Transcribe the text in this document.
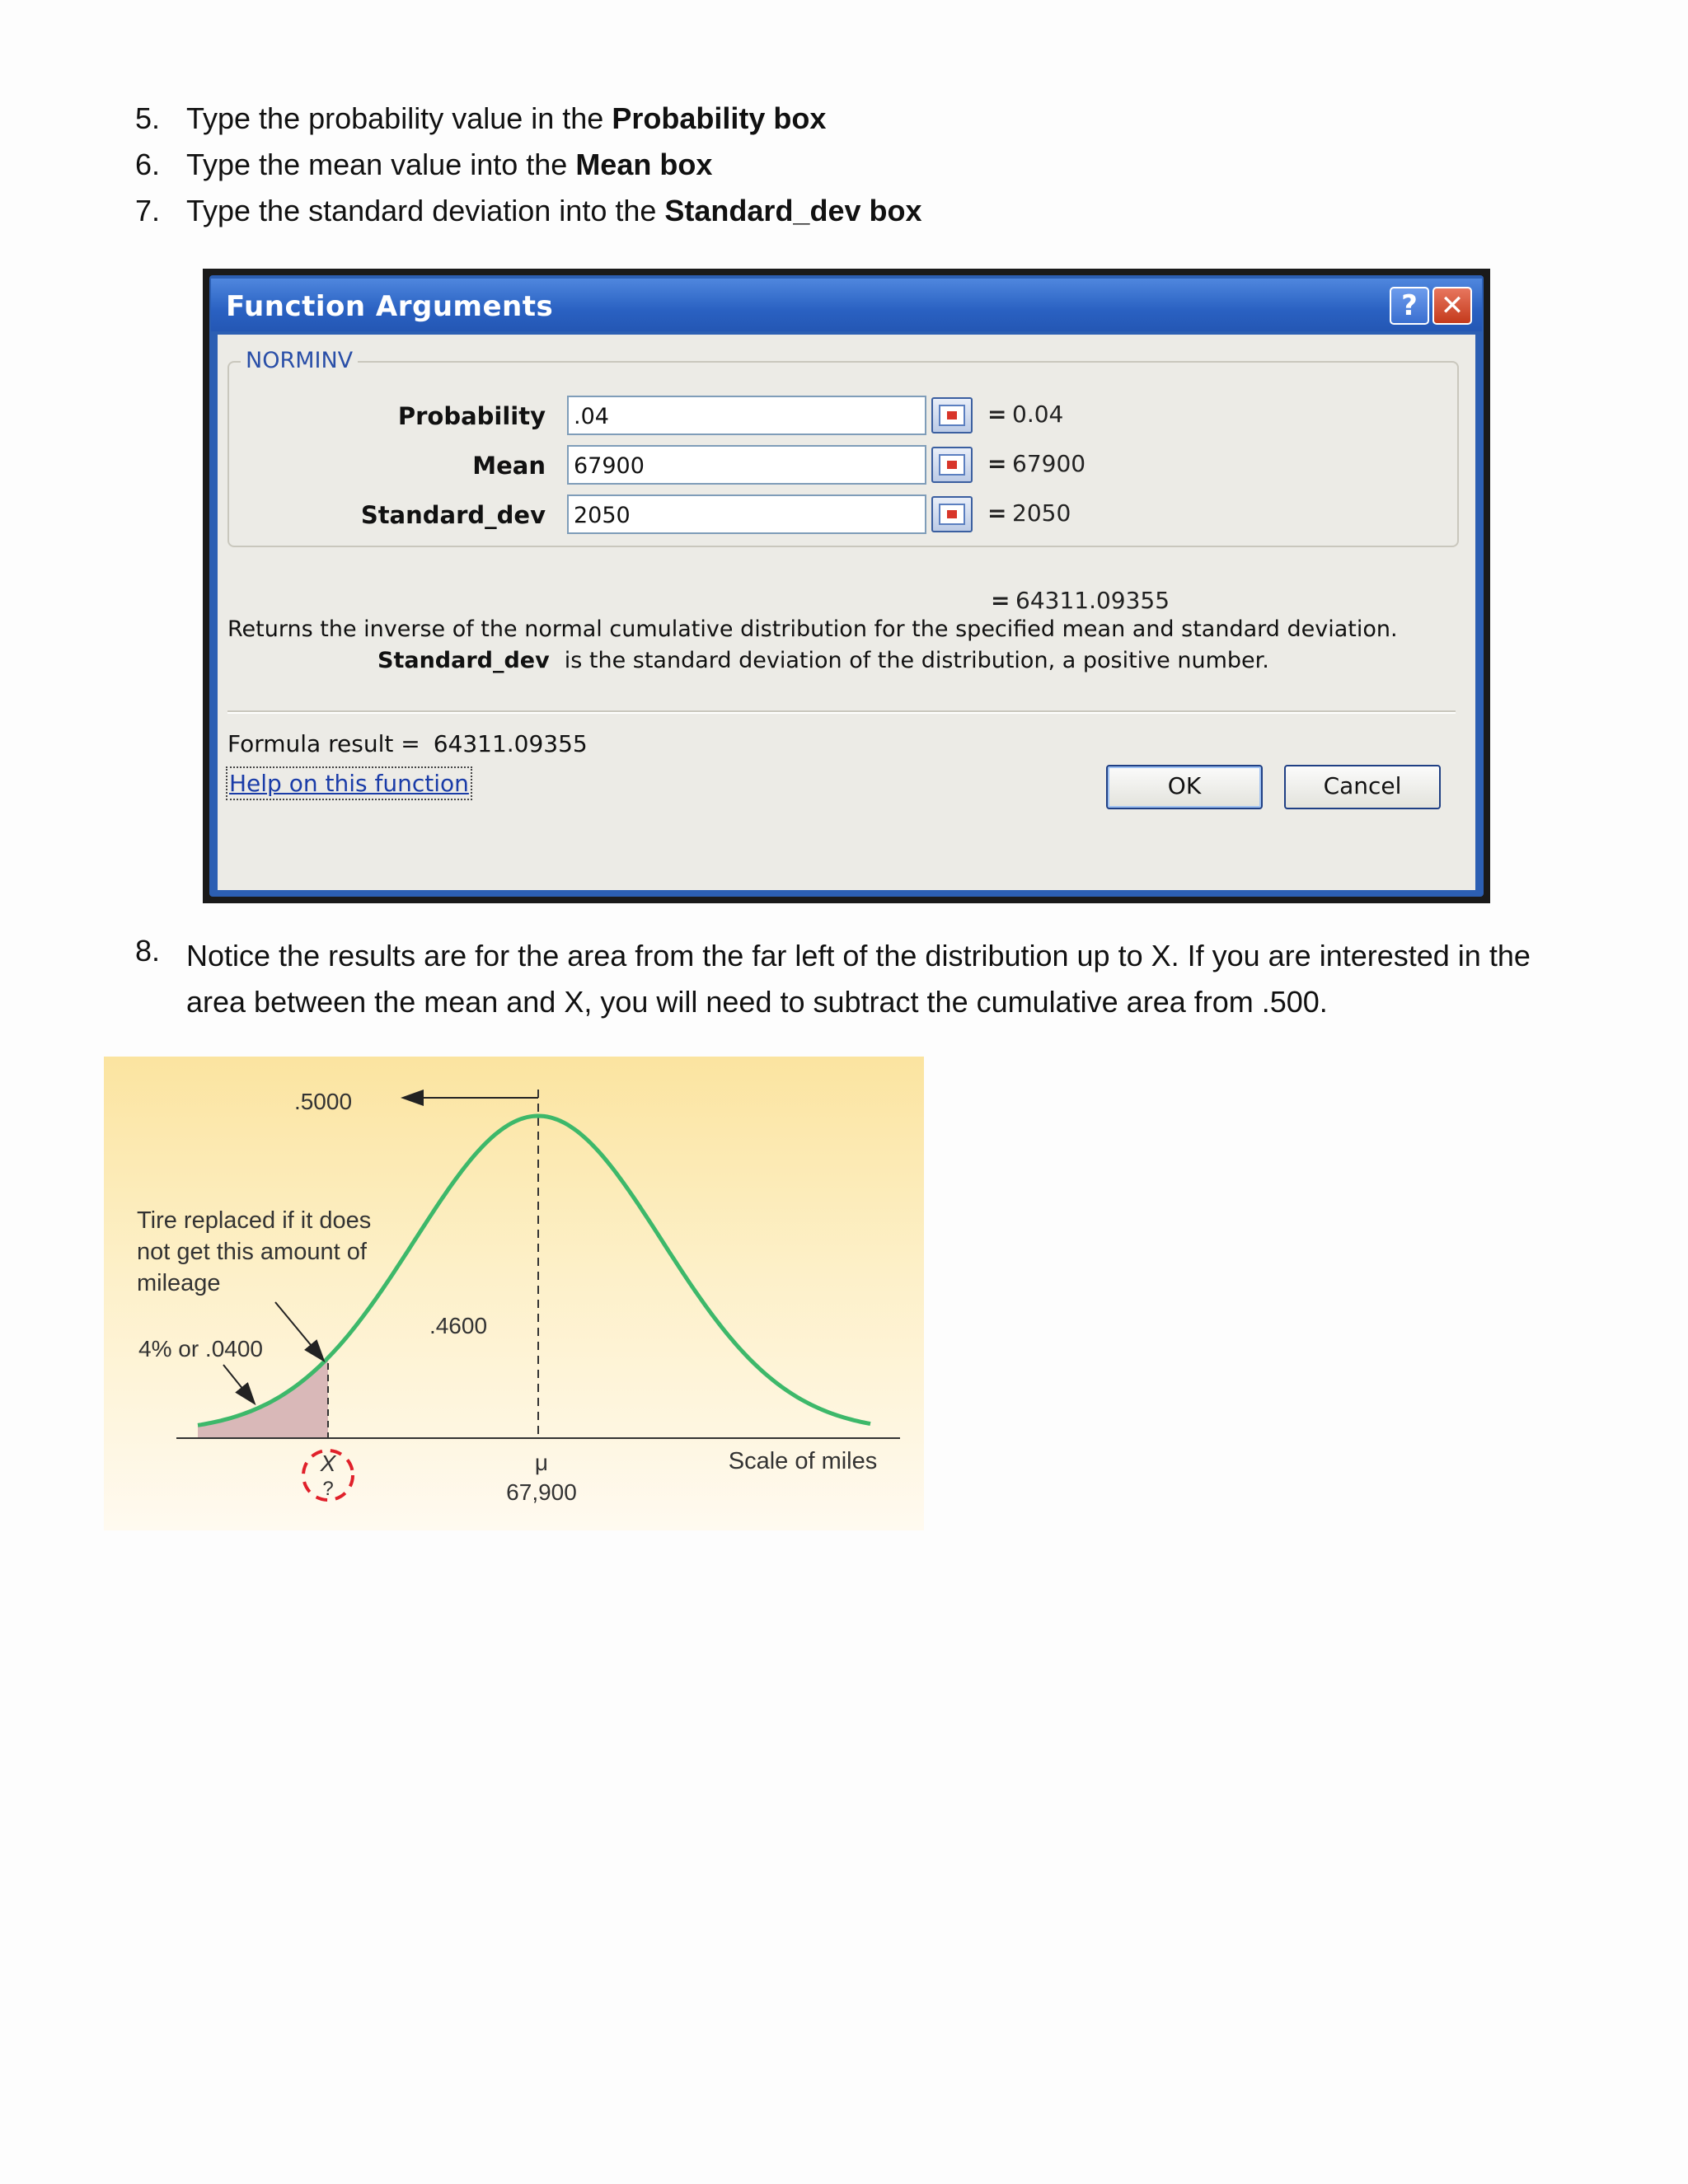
5. Type the probability value in the Probability box
6. Type the mean value into the Mean box
7. Type the standard deviation into the Standard_dev box
Function Arguments	? ✕
NORMINV
Probability .04	= 0.04
Mean 67900	= 67900
Standard_dev 2050	= 2050
= 64311.09355
Returns the inverse of the normal cumulative distribution for the specified mean and standard deviation.
Standard_dev is the standard deviation of the distribution, a positive number.
Formula result = 64311.09355
Help on this function	OK	Cancel
8. Notice the results are for the area from the far left of the distribution up to X. If you are interested in the area between the mean and X, you will need to subtract the cumulative area from .500.
.5000
Tire replaced if it does
not get this amount of
mileage
4% or .0400
.4600
X
?
μ
67,900
Scale of miles
